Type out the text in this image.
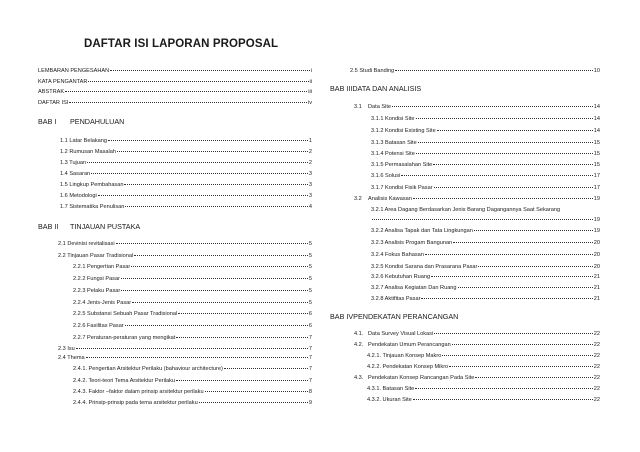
DAFTAR ISI LAPORAN PROPOSAL
LEMBARAN PENGESAHAN	i
KATA PENGANTAR	ii
ABSTRAK	iii
DAFTAR ISI	iv
BAB I PENDAHULUAN
1.1 Latar Belakang	1
1.2 Rumusan Masalah	2
1.3 Tujuan	2
1.4 Sasaran	3
1.5 Lingkup Pembahasan	3
1.6 Metodologi	3
1.7 Sistematika Penulisan	4
BAB II TINJAUAN PUSTAKA
2.1 Devinisi revitalisasi	5
2.2 Tinjauan Pasar Tradisional	5
2.2.1 Pengertian Pasar	5
2.2.2 Fungsi Pasar	5
2.2.3 Pelaku Pasar	5
2.2.4 Jenis-Jenis Pasar	5
2.2.5 Substansi Sebuah Pasar Tradisional	6
2.2.6 Fasilitas Pasar	6
2.2.7 Peraturan-peraturan yang mengikat	7
2.3 Isu	7
2.4 Thema	7
2.4.1. Pengertian Arsitektur Perilaku (bahaviour architecture)	7
2.4.2. Teori-teori Tema Arsitektur Perilaku	7
2.4.3. Faktor –faktor dalam prinsip arsitektur perilaku	8
2.4.4. Prinsip-prinsip pada tema arsitektur perilaku	9
2.5 Studi Banding	10
BAB IIIDATA DAN ANALISIS
3.1	Data Site	14
3.1.1 Kondisi Site	14
3.1.2 Kondisi Existing Site	14
3.1.3 Batasan Site	15
3.1.4 Potensi Site	15
3.1.5 Permasalahan Site	15
3.1.6 Solusi	17
3.1.7 Kondisi Fisik Pasar	17
3.2	Analisis Kawasan	19
3.2.1 Area Dagang Berdasarkan Jenis Barang Dagangannya Saat Sekarang
19
3.2.2 Analisa Tapak dan Tata Lingkungan	19
3.2.3 Analisis Progam Bangunan	20
3.2.4 Fokus Bahasan	20
3.2.5 Kondisi Sarana dan Prasarana Pasar	20
3.2.6 Kebutuhan Ruang	21
3.2.7 Analisa Kegiatan Dan Ruang	21
3.2.8 Aktifitas Pasar	21
BAB IVPENDEKATAN PERANCANGAN
4.1. Data Survey Visual Lokasi	22
4.2. Pendekatan Umum Perancangan	22
4.2.1. Tinjauan Konsep Makro	22
4.2.2. Pendekatan Konsep Mikro	22
4.3. Pendekatan Konsep Rancangan Pada Site	22
4.3.1. Batasan Site	22
4.3.2. Ukuran Site	22
